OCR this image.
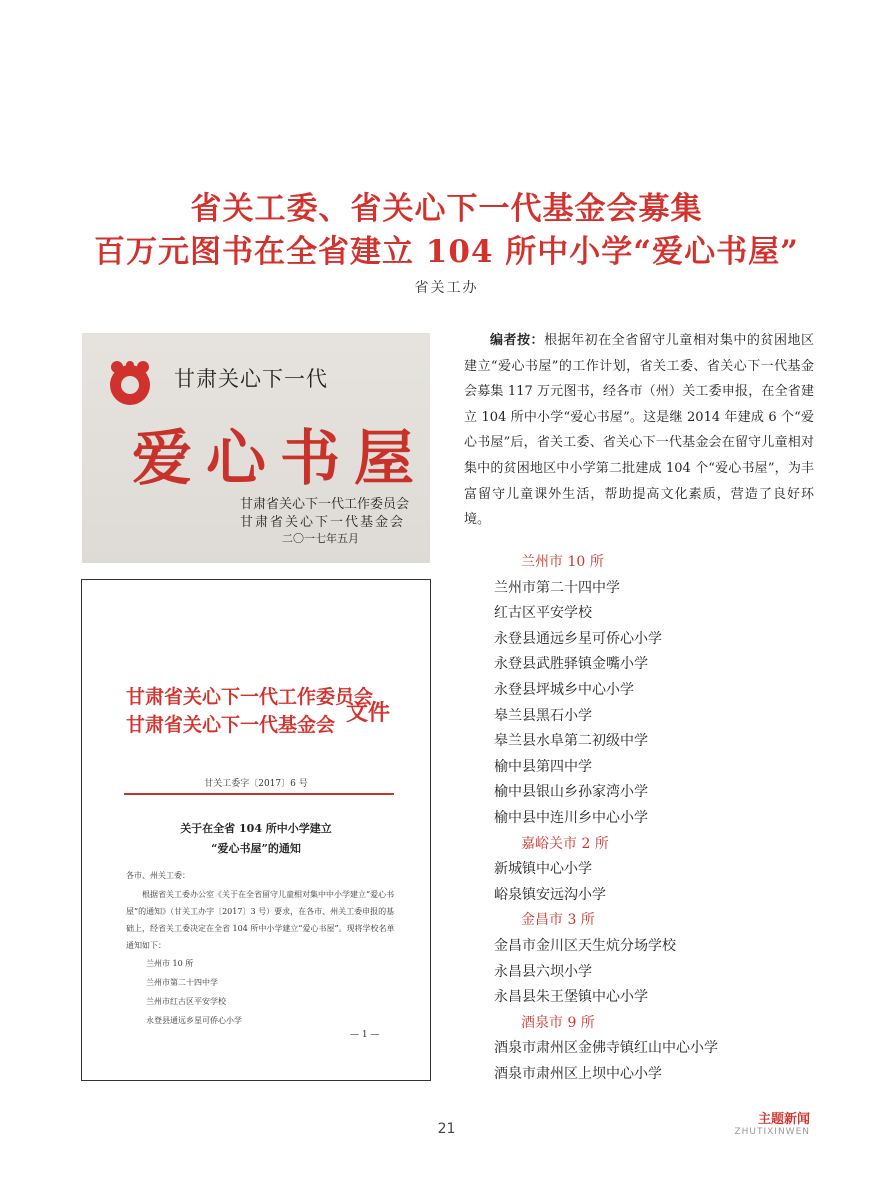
省关工委、省关心下一代基金会募集
百万元图书在全省建立 104 所中小学“爱心书屋”
省关工办
甘肃关心下一代
爱心书屋
甘肃省关心下一代工作委员会
甘肃省关心下一代基金会
二〇一七年五月
甘肃省关心下一代工作委员会
甘肃省关心下一代基金会 文件
甘关工委字〔2017〕6 号
关于在全省 104 所中小学建立
“爱心书屋”的通知
各市、州关工委：

根据省关工委办公室《关于在全省留守儿童相对集中中小学建立“爱心书屋”的通知》（甘关工办字〔2017〕3 号）要求，在各市、州关工委申报的基础上，经省关工委决定在全省 104 所中小学建立“爱心书屋”。现将学校名单通知如下：

兰州市 10 所
兰州市第二十四中学
兰州市红古区平安学校
永登县通远乡星可侨心小学
— 1 —

编者按：根据年初在全省留守儿童相对集中的贫困地区建立“爱心书屋”的工作计划，省关工委、省关心下一代基金会募集 117 万元图书，经各市（州）关工委申报，在全省建立 104 所中小学“爱心书屋”。这是继 2014 年建成 6 个“爱心书屋”后，省关工委、省关心下一代基金会在留守儿童相对集中的贫困地区中小学第二批建成 104 个“爱心书屋”，为丰富留守儿童课外生活，帮助提高文化素质，营造了良好环境。

兰州市 10 所
兰州市第二十四中学
红古区平安学校
永登县通远乡星可侨心小学
永登县武胜驿镇金嘴小学
永登县坪城乡中心小学
皋兰县黑石小学
皋兰县水阜第二初级中学
榆中县第四中学
榆中县银山乡孙家湾小学
榆中县中连川乡中心小学
嘉峪关市 2 所
新城镇中心小学
峪泉镇安远沟小学
金昌市 3 所
金昌市金川区天生炕分场学校
永昌县六坝小学
永昌县朱王堡镇中心小学
酒泉市 9 所
酒泉市肃州区金佛寺镇红山中心小学
酒泉市肃州区上坝中心小学
21
主题新闻
ZHUTIXINWEN
